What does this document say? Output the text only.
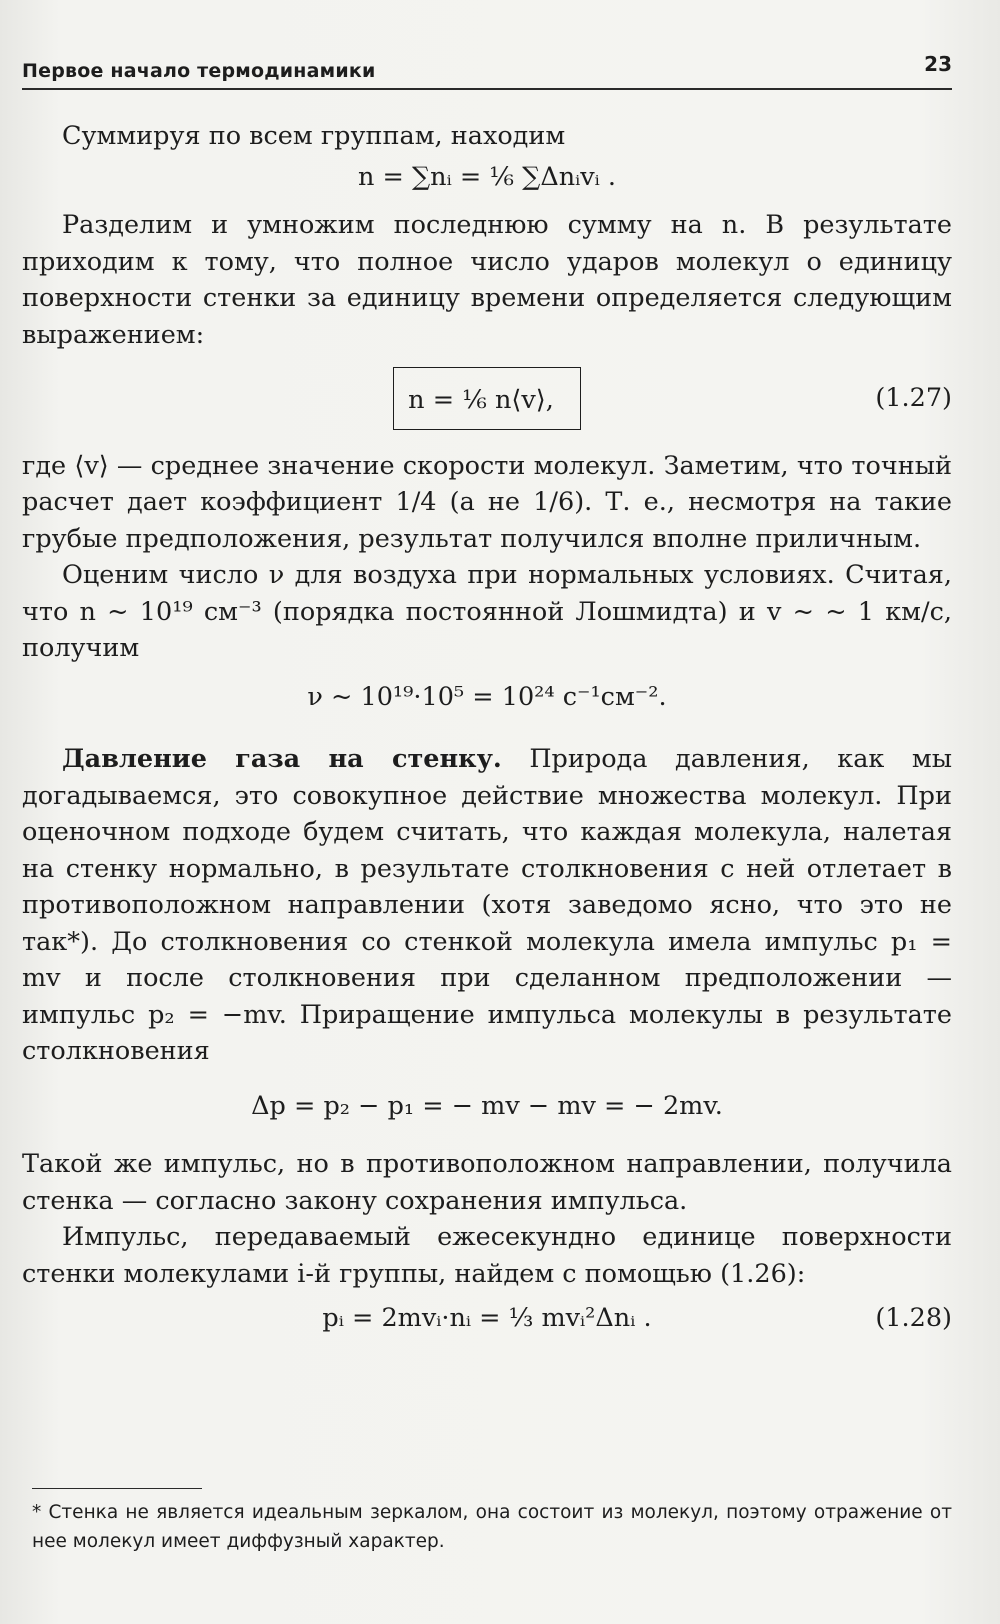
Первое начало термодинамики	23

Суммируя по всем группам, находим

n = ∑nᵢ = ⅙ ∑Δnᵢvᵢ .

Разделим и умножим последнюю сумму на n. В результате приходим к тому, что полное число ударов молекул о единицу поверхности стенки за единицу времени определяется следующим выражением:

n = ⅙ n⟨v⟩,	(1.27)

где ⟨v⟩ — среднее значение скорости молекул. Заметим, что точный расчет дает коэффициент 1/4 (а не 1/6). Т. е., несмотря на такие грубые предположения, результат получился вполне приличным.

Оценим число ν для воздуха при нормальных условиях. Считая, что n ~ 10¹⁹ см⁻³ (порядка постоянной Лошмидта) и v ~ ~ 1 км/с, получим

ν ~ 10¹⁹·10⁵ = 10²⁴ с⁻¹см⁻².

Давление газа на стенку. Природа давления, как мы догадываемся, это совокупное действие множества молекул. При оценочном подходе будем считать, что каждая молекула, налетая на стенку нормально, в результате столкновения с ней отлетает в противоположном направлении (хотя заведомо ясно, что это не так*). До столкновения со стенкой молекула имела импульс p₁ = mv и после столкновения при сделанном предположении — импульс p₂ = −mv. Приращение импульса молекулы в результате столкновения

Δp = p₂ − p₁ = − mv − mv = − 2mv.

Такой же импульс, но в противоположном направлении, получила стенка — согласно закону сохранения импульса.

Импульс, передаваемый ежесекундно единице поверхности стенки молекулами i-й группы, найдем с помощью (1.26):

pᵢ = 2mvᵢ·nᵢ = ⅓ mvᵢ²Δnᵢ .	(1.28)
* Стенка не является идеальным зеркалом, она состоит из молекул, поэтому отражение от нее молекул имеет диффузный характер.
